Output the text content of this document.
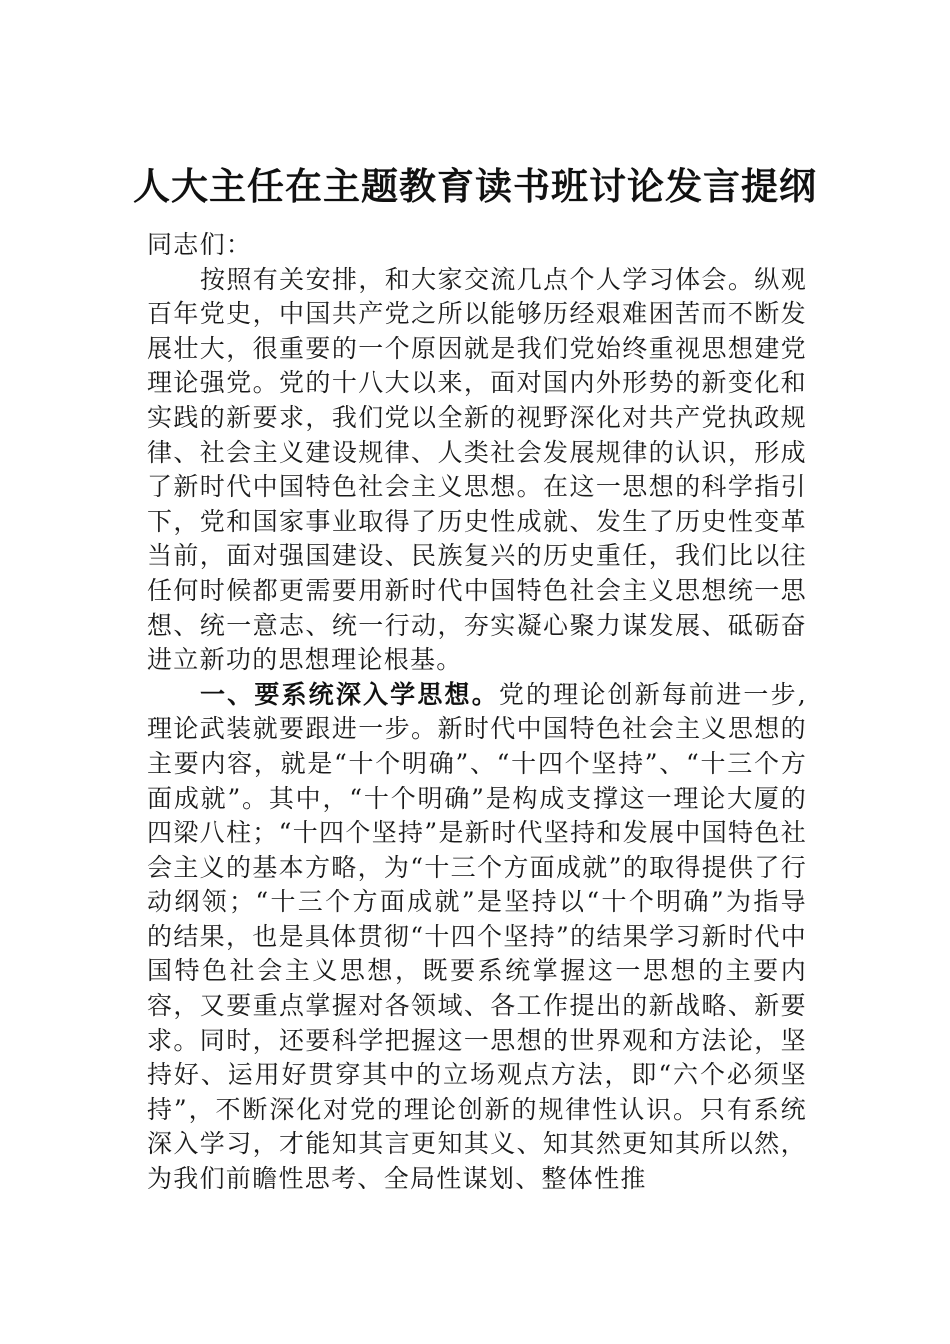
人大主任在主题教育读书班讨论发言提纲

同志们：

按照有关安排，和大家交流几点个人学习体会。纵观百年党史，中国共产党之所以能够历经艰难困苦而不断发展壮大，很重要的一个原因就是我们党始终重视思想建党理论强党。党的十八大以来，面对国内外形势的新变化和实践的新要求，我们党以全新的视野深化对共产党执政规律、社会主义建设规律、人类社会发展规律的认识，形成了新时代中国特色社会主义思想。在这一思想的科学指引下，党和国家事业取得了历史性成就、发生了历史性变革当前，面对强国建设、民族复兴的历史重任，我们比以往任何时候都更需要用新时代中国特色社会主义思想统一思想、统一意志、统一行动，夯实凝心聚力谋发展、砥砺奋进立新功的思想理论根基。

一、要系统深入学思想。党的理论创新每前进一步,理论武装就要跟进一步。新时代中国特色社会主义思想的主要内容，就是“十个明确”、“十四个坚持”、“十三个方面成就”。其中，“十个明确”是构成支撑这一理论大厦的四梁八柱；“十四个坚持”是新时代坚持和发展中国特色社会主义的基本方略，为“十三个方面成就”的取得提供了行动纲领；“十三个方面成就”是坚持以“十个明确”为指导的结果，也是具体贯彻“十四个坚持”的结果学习新时代中国特色社会主义思想，既要系统掌握这一思想的主要内容，又要重点掌握对各领域、各工作提出的新战略、新要求。同时，还要科学把握这一思想的世界观和方法论，坚持好、运用好贯穿其中的立场观点方法，即“六个必须坚持”，不断深化对党的理论创新的规律性认识。只有系统深入学习，才能知其言更知其义、知其然更知其所以然，为我们前瞻性思考、全局性谋划、整体性推
